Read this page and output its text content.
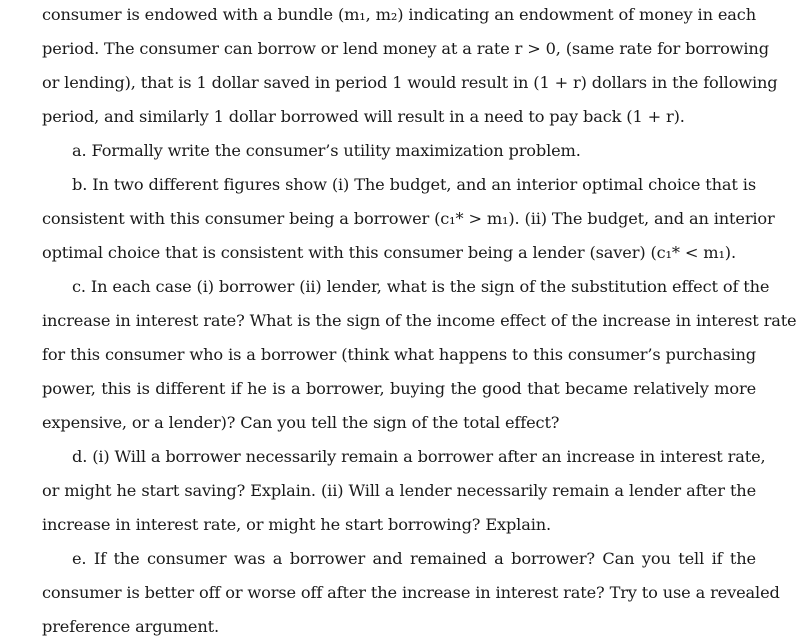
consumer is endowed with a bundle (m₁, m₂) indicating an endowment of money in each
period. The consumer can borrow or lend money at a rate r > 0, (same rate for borrowing
or lending), that is 1 dollar saved in period 1 would result in (1 + r) dollars in the following
period, and similarly 1 dollar borrowed will result in a need to pay back (1 + r).
a. Formally write the consumer’s utility maximization problem.
b. In two different figures show (i) The budget, and an interior optimal choice that is
consistent with this consumer being a borrower (c₁* > m₁). (ii) The budget, and an interior
optimal choice that is consistent with this consumer being a lender (saver) (c₁* < m₁).
c. In each case (i) borrower (ii) lender, what is the sign of the substitution effect of the
increase in interest rate? What is the sign of the income effect of the increase in interest rate
for this consumer who is a borrower (think what happens to this consumer’s purchasing
power, this is different if he is a borrower, buying the good that became relatively more
expensive, or a lender)? Can you tell the sign of the total effect?
d. (i) Will a borrower necessarily remain a borrower after an increase in interest rate,
or might he start saving? Explain. (ii) Will a lender necessarily remain a lender after the
increase in interest rate, or might he start borrowing? Explain.
e. If the consumer was a borrower and remained a borrower? Can you tell if the
consumer is better off or worse off after the increase in interest rate? Try to use a revealed
preference argument.
